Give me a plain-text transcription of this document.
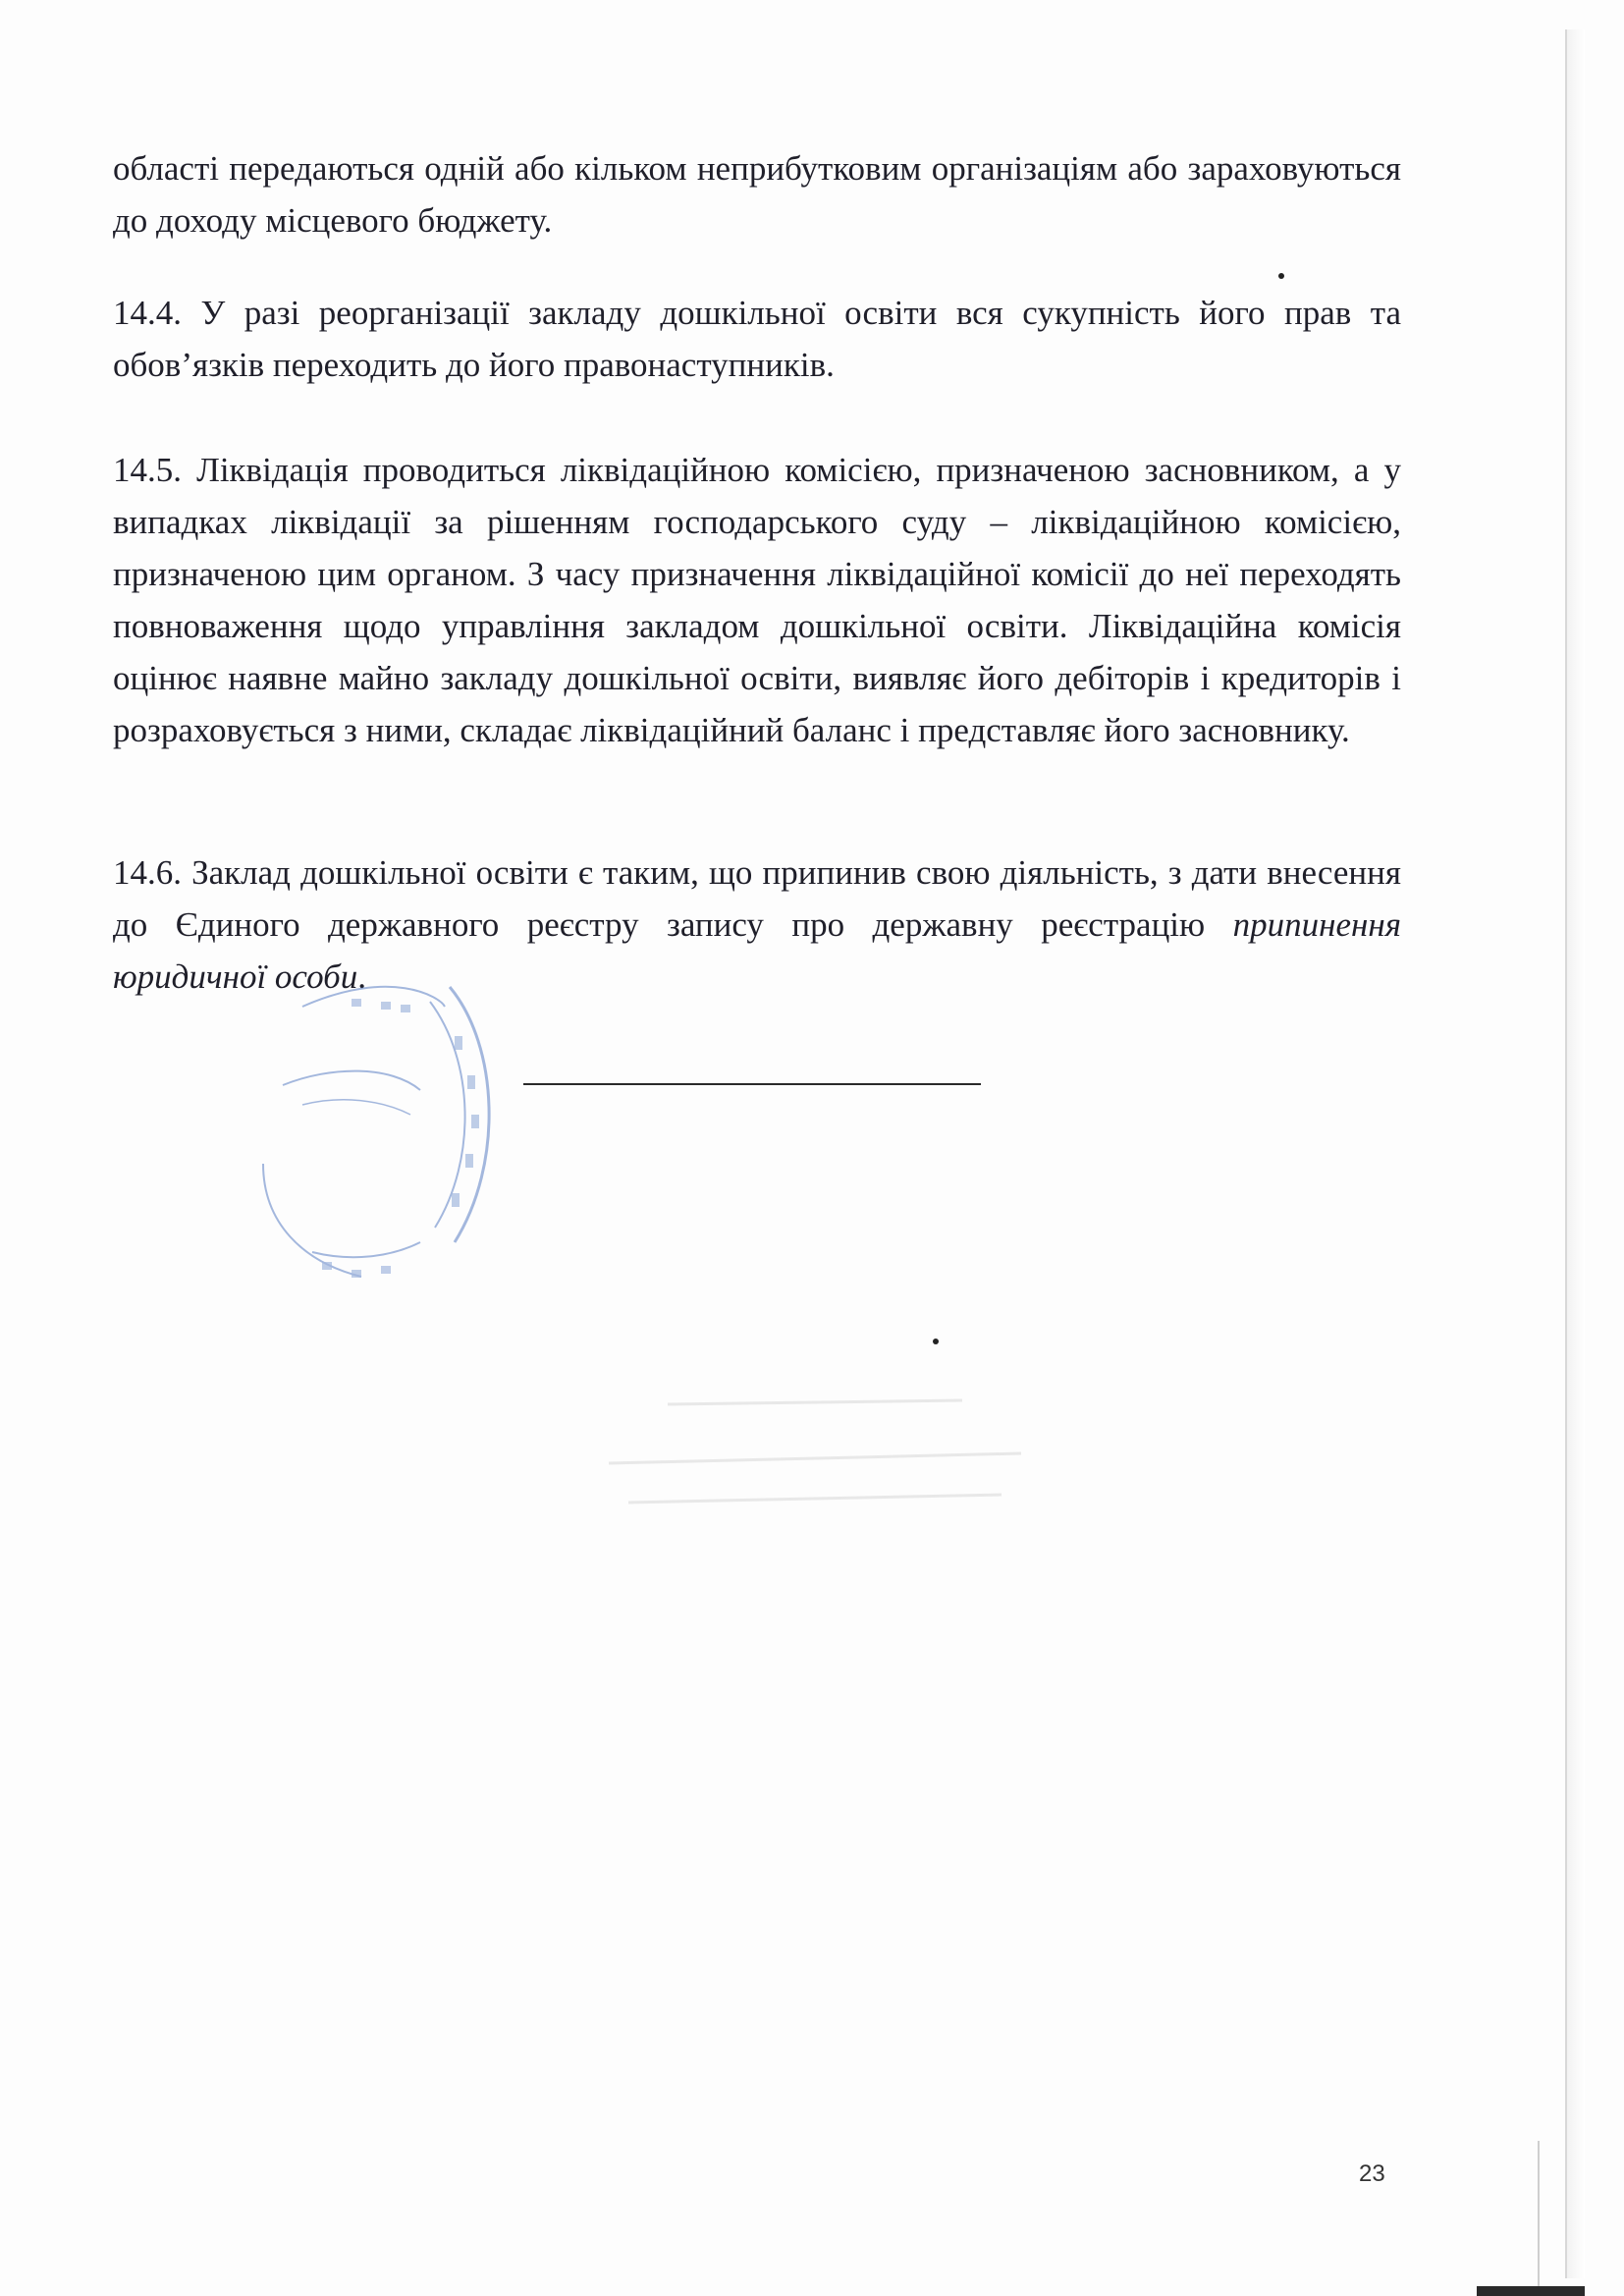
області передаються одній або кільком неприбутковим організаціям або зараховуються до доходу місцевого бюджету.

14.4. У разі реорганізації закладу дошкільної освіти вся сукупність його прав та обов’язків переходить до його правонаступників.

14.5. Ліквідація проводиться ліквідаційною комісією, призначеною засновником, а у випадках ліквідації за рішенням господарського суду – ліквідаційною комісією, призначеною цим органом. З часу призначення ліквідаційної комісії до неї переходять повноваження щодо управління закладом дошкільної освіти. Ліквідаційна комісія оцінює наявне майно закладу дошкільної освіти, виявляє його дебіторів і кредиторів і розраховується з ними, складає ліквідаційний баланс і представляє його засновнику.

14.6. Заклад дошкільної освіти є таким, що припинив свою діяльність, з дати внесення до Єдиного державного реєстру запису про державну реєстрацію припинення юридичної особи.

23
